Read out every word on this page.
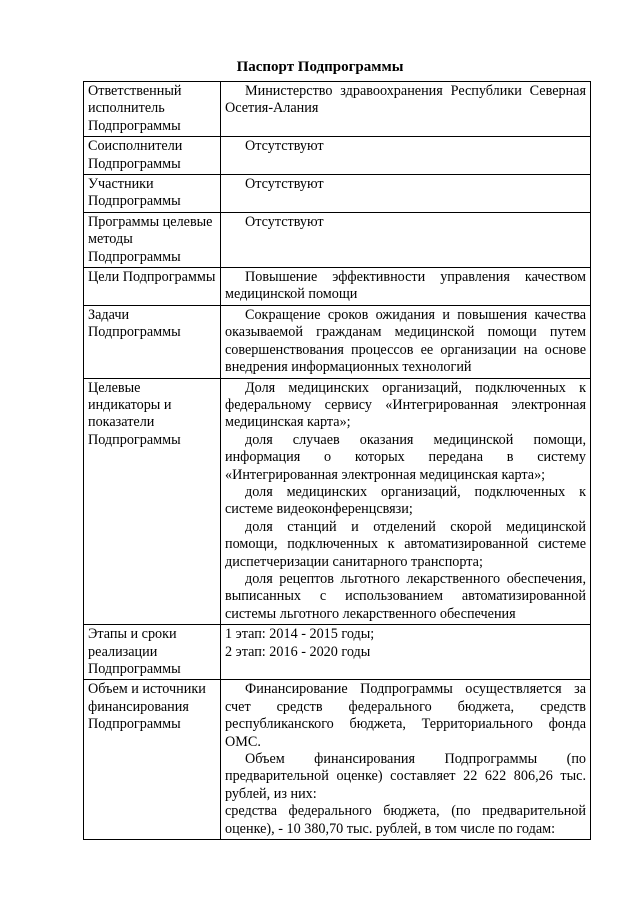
Паспорт Подпрограммы
Ответственный исполнитель Подпрограммы	Министерство здравоохранения Республики Северная Осетия-Алания

Соисполнители Подпрограммы	Отсутствуют

Участники Подпрограммы	Отсутствуют

Программы целевые методы Подпрограммы	Отсутствуют

Цели Подпрограммы	Повышение эффективности управления качеством медицинской помощи

Задачи Подпрограммы	Сокращение сроков ожидания и повышения качества оказываемой гражданам медицинской помощи путем совершенствования процессов ее организации на основе внедрения информационных технологий

Целевые индикаторы и показатели Подпрограммы	Доля медицинских организаций, подключенных к федеральному сервису «Интегрированная электронная медицинская карта»;
доля случаев оказания медицинской помощи, информация о которых передана в систему «Интегрированная электронная медицинская карта»;
доля медицинских организаций, подключенных к системе видеоконференцсвязи;
доля станций и отделений скорой медицинской помощи, подключенных к автоматизированной системе диспетчеризации санитарного транспорта;
доля рецептов льготного лекарственного обеспечения, выписанных с использованием автоматизированной системы льготного лекарственного обеспечения

Этапы и сроки реализации Подпрограммы	1 этап: 2014 - 2015 годы;
2 этап: 2016 - 2020 годы

Объем и источники финансирования Подпрограммы	Финансирование Подпрограммы осуществляется за счет средств федерального бюджета, средств республиканского бюджета, Территориального фонда ОМС.
Объем финансирования Подпрограммы (по предварительной оценке) составляет 22 622 806,26 тыс. рублей, из них:
средства федерального бюджета, (по предварительной оценке), - 10 380,70 тыс. рублей, в том числе по годам:
